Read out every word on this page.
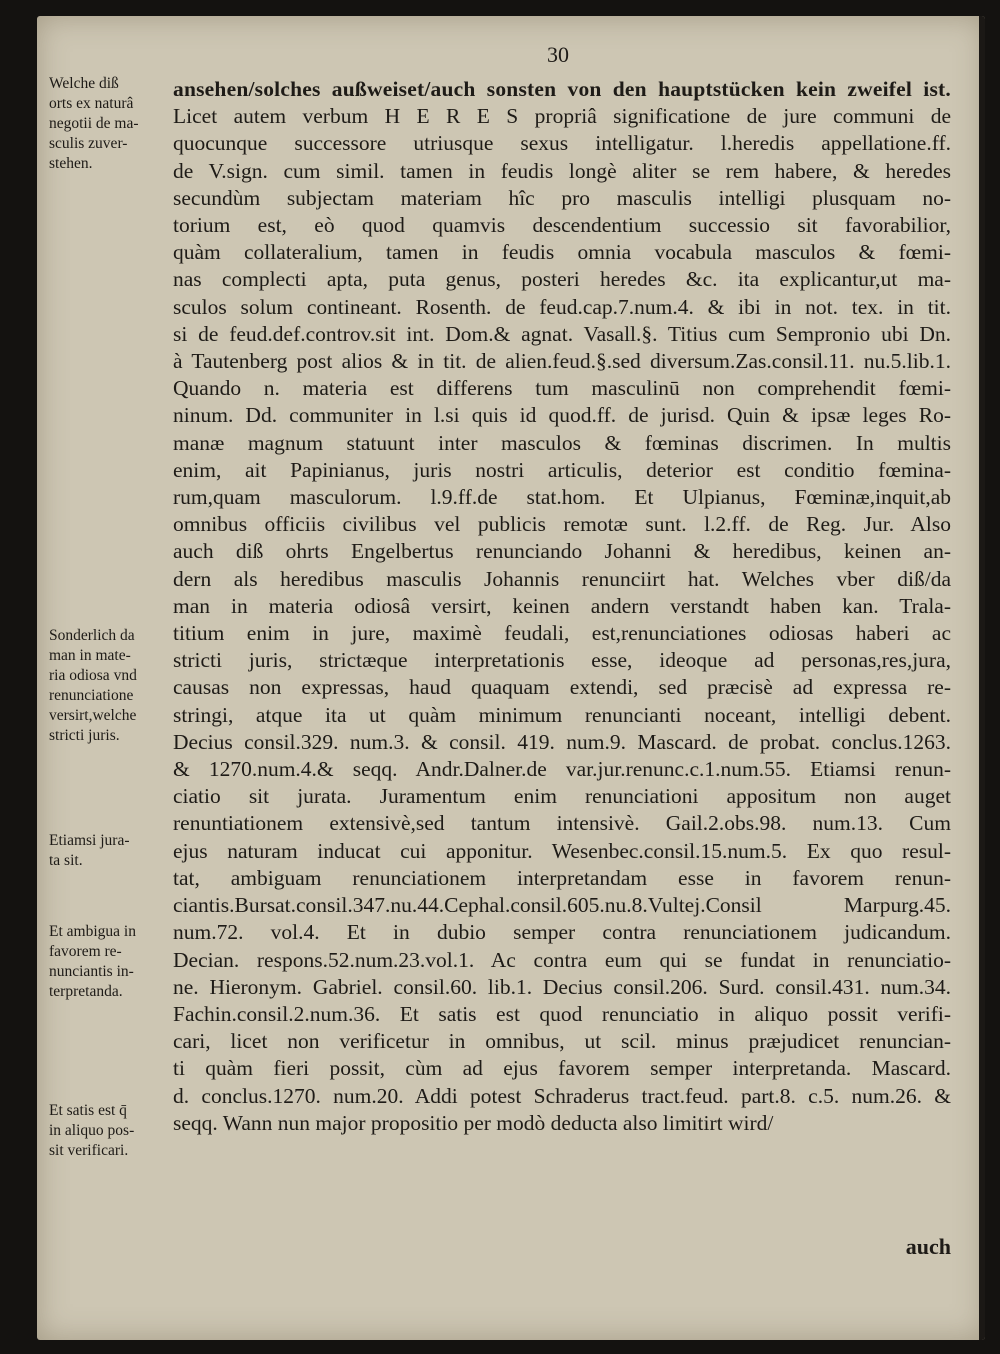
30
ansehen/solches außweiset/auch sonsten von den hauptstücken kein zweifel ist.
Licet autem verbum H E R E S propriâ significatione de jure communi de
quocunque successore utriusque sexus intelligatur. l.heredis appellatione.ff.
de V.sign. cum simil. tamen in feudis longè aliter se rem habere, & heredes
secundùm subjectam materiam hîc pro masculis intelligi plusquam no-
torium est, eò quod quamvis descendentium successio sit favorabilior,
quàm collateralium, tamen in feudis omnia vocabula masculos & fœmi-
nas complecti apta, puta genus, posteri heredes &c. ita explicantur,ut ma-
sculos solum contineant. Rosenth. de feud.cap.7.num.4. & ibi in not. tex. in tit.
si de feud.def.controv.sit int. Dom.& agnat. Vasall.§. Titius cum Sempronio ubi Dn.
à Tautenberg post alios & in tit. de alien.feud.§.sed diversum.Zas.consil.11. nu.5.lib.1.
Quando n. materia est differens tum masculinū non comprehendit fœmi-
ninum. Dd. communiter in l.si quis id quod.ff. de jurisd. Quin & ipsæ leges Ro-
manæ magnum statuunt inter masculos & fœminas discrimen. In multis
enim, ait Papinianus, juris nostri articulis, deterior est conditio fœmina-
rum,quam masculorum. l.9.ff.de stat.hom. Et Ulpianus, Fœminæ,inquit,ab
omnibus officiis civilibus vel publicis remotæ sunt. l.2.ff. de Reg. Jur. Also
auch diß ohrts Engelbertus renunciando Johanni & heredibus, keinen an-
dern als heredibus masculis Johannis renunciirt hat. Welches vber diß/da
man in materia odiosâ versirt, keinen andern verstandt haben kan. Trala-
titium enim in jure, maximè feudali, est,renunciationes odiosas haberi ac
stricti juris, strictæque interpretationis esse, ideoque ad personas,res,jura,
causas non expressas, haud quaquam extendi, sed præcisè ad expressa re-
stringi, atque ita ut quàm minimum renuncianti noceant, intelligi debent.
Decius consil.329. num.3. & consil. 419. num.9. Mascard. de probat. conclus.1263.
& 1270.num.4.& seqq. Andr.Dalner.de var.jur.renunc.c.1.num.55. Etiamsi renun-
ciatio sit jurata. Juramentum enim renunciationi appositum non auget
renuntiationem extensivè,sed tantum intensivè. Gail.2.obs.98. num.13. Cum
ejus naturam inducat cui apponitur. Wesenbec.consil.15.num.5. Ex quo resul-
tat, ambiguam renunciationem interpretandam esse in favorem renun-
ciantis.Bursat.consil.347.nu.44.Cephal.consil.605.nu.8.Vultej.Consil Marpurg.45.
num.72. vol.4. Et in dubio semper contra renunciationem judicandum.
Decian. respons.52.num.23.vol.1. Ac contra eum qui se fundat in renunciatio-
ne. Hieronym. Gabriel. consil.60. lib.1. Decius consil.206. Surd. consil.431. num.34.
Fachin.consil.2.num.36. Et satis est quod renunciatio in aliquo possit verifi-
cari, licet non verificetur in omnibus, ut scil. minus præjudicet renuncian-
ti quàm fieri possit, cùm ad ejus favorem semper interpretanda. Mascard.
d. conclus.1270. num.20. Addi potest Schraderus tract.feud. part.8. c.5. num.26. &
seqq. Wann nun major propositio per modò deducta also limitirt wird/
Welche diß
orts ex naturâ
negotii de ma-
sculis zuver-
stehen.
Sonderlich da
man in mate-
ria odiosa vnd
renunciatione
versirt,welche
stricti juris.
Etiamsi jura-
ta sit.
Et ambigua in
favorem re-
nunciantis in-
terpretanda.
Et satis est q̄
in aliquo pos-
sit verificari.
auch
